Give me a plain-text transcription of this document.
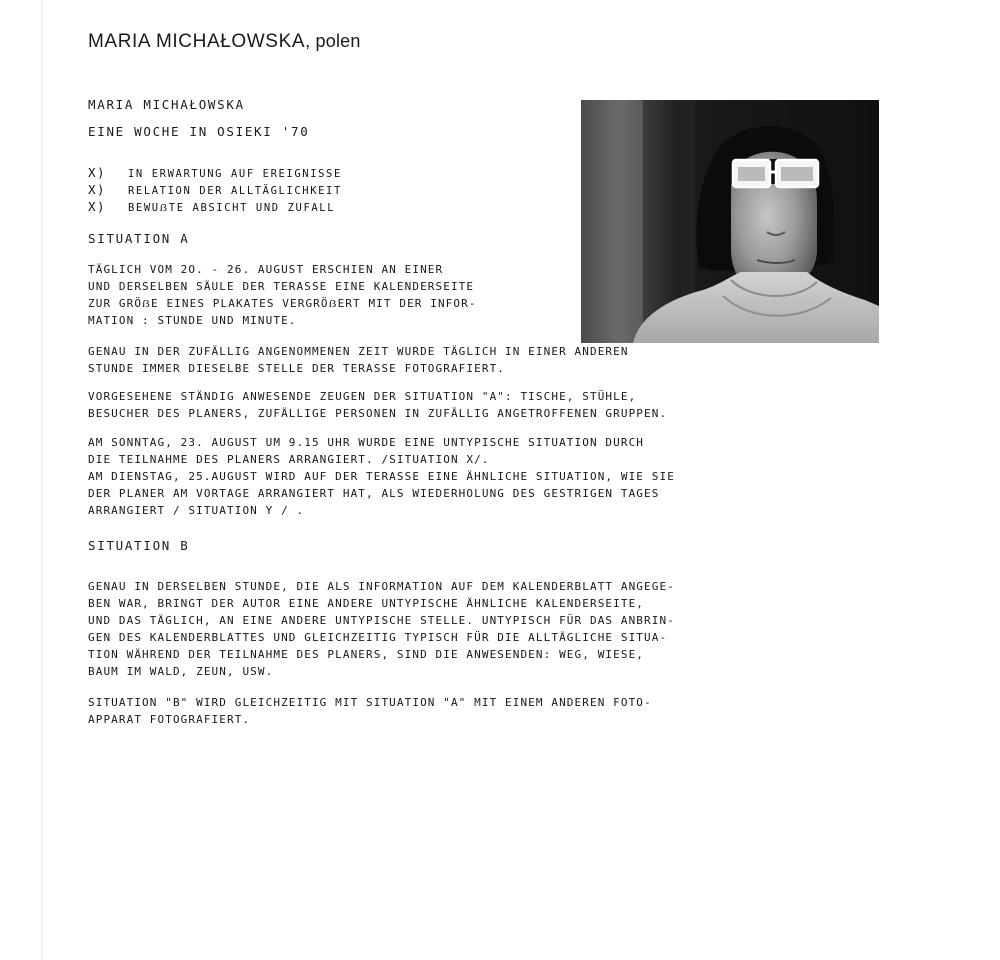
MARIA MICHAŁOWSKA, polen
MARIA MICHAŁOWSKA
EINE WOCHE IN OSIEKI '70
X) IN ERWARTUNG AUF EREIGNISSE
X) RELATION DER ALLTÄGLICHKEIT
X) BEWUẞTE ABSICHT UND ZUFALL
SITUATION A

TÄGLICH VOM 2O. - 26. AUGUST ERSCHIEN AN EINER
UND DERSELBEN SÄULE DER TERASSE EINE KALENDERSEITE
ZUR GRÖẞE EINES PLAKATES VERGRÖẞERT MIT DER INFOR-
MATION : STUNDE UND MINUTE.

GENAU IN DER ZUFÄLLIG ANGENOMMENEN ZEIT WURDE TÄGLICH IN EINER ANDEREN
STUNDE IMMER DIESELBE STELLE DER TERASSE FOTOGRAFIERT.

VORGESEHENE STÄNDIG ANWESENDE ZEUGEN DER SITUATION "A": TISCHE, STÜHLE,
BESUCHER DES PLANERS, ZUFÄLLIGE PERSONEN IN ZUFÄLLIG ANGETROFFENEN GRUPPEN.

AM SONNTAG, 23. AUGUST UM 9.15 UHR WURDE EINE UNTYPISCHE SITUATION DURCH
DIE TEILNAHME DES PLANERS ARRANGIERT. /SITUATION X/.
AM DIENSTAG, 25.AUGUST WIRD AUF DER TERASSE EINE ÄHNLICHE SITUATION, WIE SIE
DER PLANER AM VORTAGE ARRANGIERT HAT, ALS WIEDERHOLUNG DES GESTRIGEN TAGES
ARRANGIERT / SITUATION Y / .

SITUATION B

GENAU IN DERSELBEN STUNDE, DIE ALS INFORMATION AUF DEM KALENDERBLATT ANGEGE-
BEN WAR, BRINGT DER AUTOR EINE ANDERE UNTYPISCHE ÄHNLICHE KALENDERSEITE,
UND DAS TÄGLICH, AN EINE ANDERE UNTYPISCHE STELLE. UNTYPISCH FÜR DAS ANBRIN-
GEN DES KALENDERBLATTES UND GLEICHZEITIG TYPISCH FÜR DIE ALLTÄGLICHE SITUA-
TION WÄHREND DER TEILNAHME DES PLANERS, SIND DIE ANWESENDEN: WEG, WIESE,
BAUM IM WALD, ZEUN, USW.

SITUATION "B" WIRD GLEICHZEITIG MIT SITUATION "A" MIT EINEM ANDEREN FOTO-
APPARAT FOTOGRAFIERT.
